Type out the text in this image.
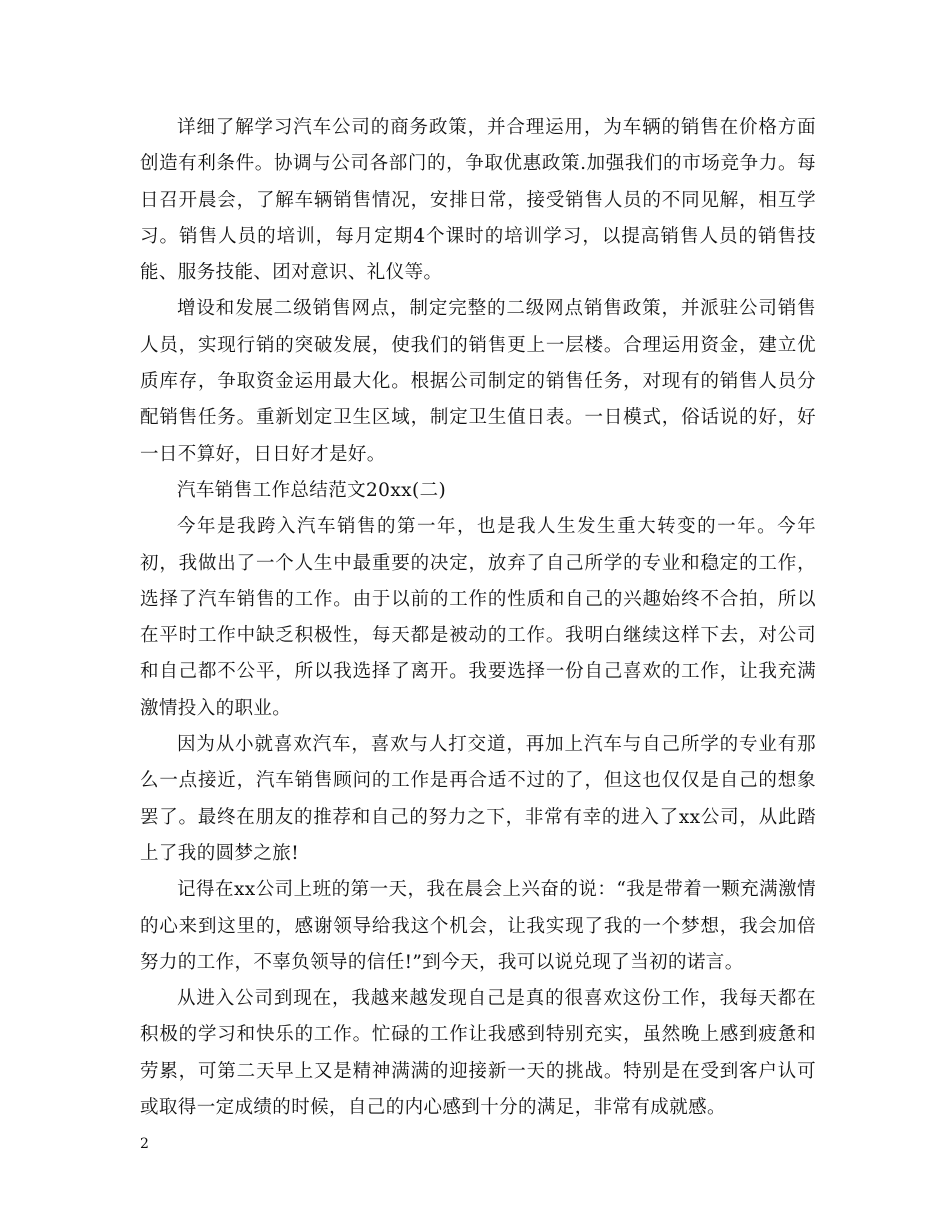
详细了解学习汽车公司的商务政策，并合理运用，为车辆的销售在价格方面创造有利条件。协调与公司各部门的，争取优惠政策.加强我们的市场竞争力。每日召开晨会，了解车辆销售情况，安排日常，接受销售人员的不同见解，相互学习。销售人员的培训，每月定期4个课时的培训学习，以提高销售人员的销售技能、服务技能、团对意识、礼仪等。

增设和发展二级销售网点，制定完整的二级网点销售政策，并派驻公司销售人员，实现行销的突破发展，使我们的销售更上一层楼。合理运用资金，建立优质库存，争取资金运用最大化。根据公司制定的销售任务，对现有的销售人员分配销售任务。重新划定卫生区域，制定卫生值日表。一日模式，俗话说的好，好一日不算好，日日好才是好。

汽车销售工作总结范文20xx(二)

今年是我跨入汽车销售的第一年，也是我人生发生重大转变的一年。今年初，我做出了一个人生中最重要的决定，放弃了自己所学的专业和稳定的工作，选择了汽车销售的工作。由于以前的工作的性质和自己的兴趣始终不合拍，所以在平时工作中缺乏积极性，每天都是被动的工作。我明白继续这样下去，对公司和自己都不公平，所以我选择了离开。我要选择一份自己喜欢的工作，让我充满激情投入的职业。

因为从小就喜欢汽车，喜欢与人打交道，再加上汽车与自己所学的专业有那么一点接近，汽车销售顾问的工作是再合适不过的了，但这也仅仅是自己的想象罢了。最终在朋友的推荐和自己的努力之下，非常有幸的进入了xx公司，从此踏上了我的圆梦之旅!

记得在xx公司上班的第一天，我在晨会上兴奋的说：“我是带着一颗充满激情的心来到这里的，感谢领导给我这个机会，让我实现了我的一个梦想，我会加倍努力的工作，不辜负领导的信任!”到今天，我可以说兑现了当初的诺言。

从进入公司到现在，我越来越发现自己是真的很喜欢这份工作，我每天都在积极的学习和快乐的工作。忙碌的工作让我感到特别充实，虽然晚上感到疲惫和劳累，可第二天早上又是精神满满的迎接新一天的挑战。特别是在受到客户认可或取得一定成绩的时候，自己的内心感到十分的满足，非常有成就感。

2
